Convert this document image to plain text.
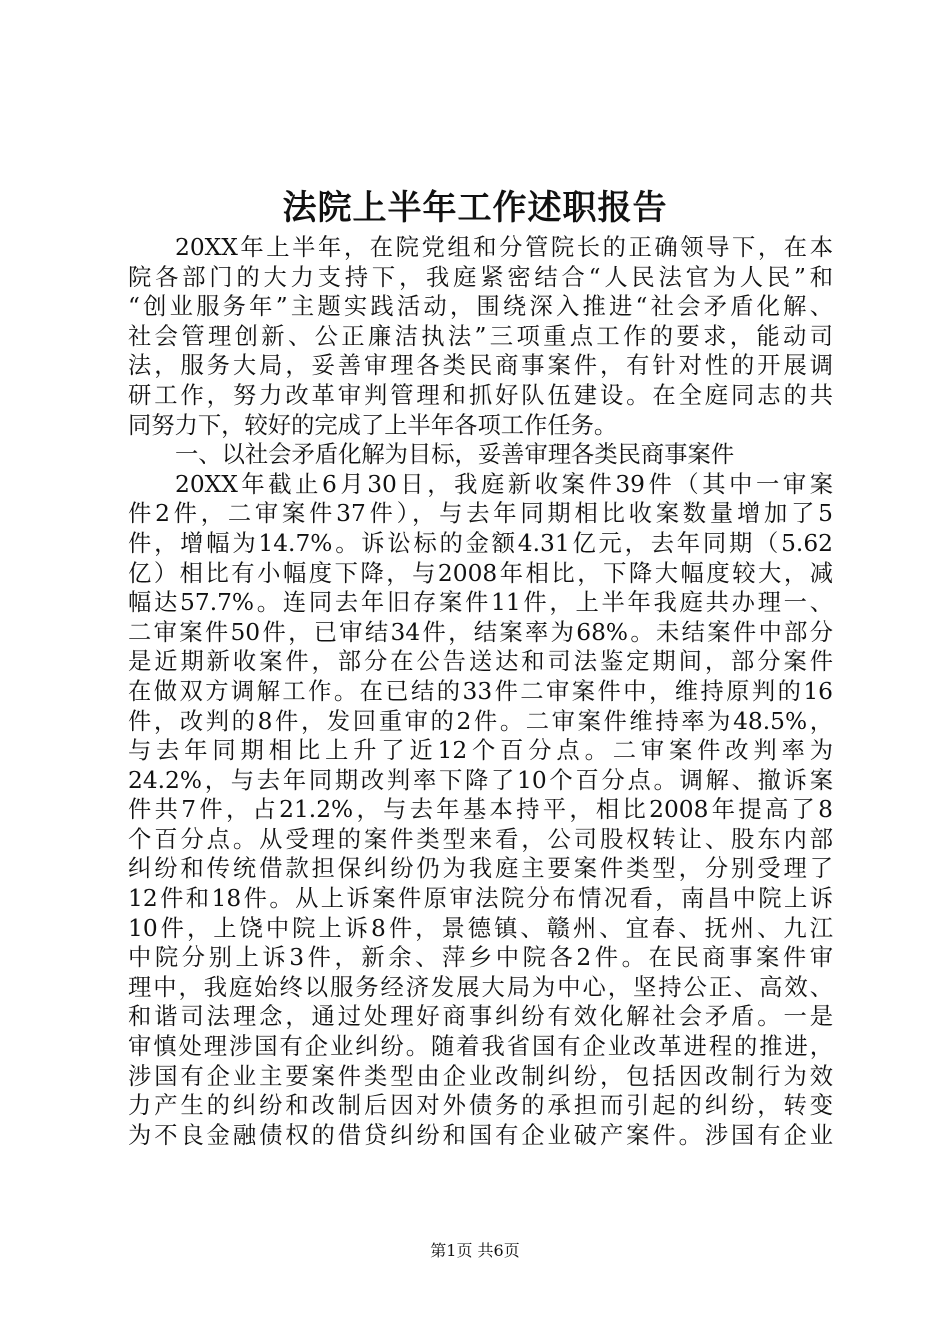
法院上半年工作述职报告

20XX年上半年，在院党组和分管院长的正确领导下，在本
院各部门的大力支持下，我庭紧密结合“人民法官为人民”和
“创业服务年”主题实践活动，围绕深入推进“社会矛盾化解、
社会管理创新、公正廉洁执法”三项重点工作的要求，能动司
法，服务大局，妥善审理各类民商事案件，有针对性的开展调
研工作，努力改革审判管理和抓好队伍建设。在全庭同志的共
同努力下，较好的完成了上半年各项工作任务。

一、以社会矛盾化解为目标，妥善审理各类民商事案件

20XX年截止6月30日，我庭新收案件39件（其中一审案
件2件，二审案件37件），与去年同期相比收案数量增加了5
件，增幅为14.7%。诉讼标的金额4.31亿元，去年同期（5.62
亿）相比有小幅度下降，与2008年相比，下降大幅度较大，减
幅达57.7%。连同去年旧存案件11件，上半年我庭共办理一、
二审案件50件，已审结34件，结案率为68%。未结案件中部分
是近期新收案件，部分在公告送达和司法鉴定期间，部分案件
在做双方调解工作。在已结的33件二审案件中，维持原判的16
件，改判的8件，发回重审的2件。二审案件维持率为48.5%，
与去年同期相比上升了近12个百分点。二审案件改判率为
24.2%，与去年同期改判率下降了10个百分点。调解、撤诉案
件共7件，占21.2%，与去年基本持平，相比2008年提高了8
个百分点。从受理的案件类型来看，公司股权转让、股东内部
纠纷和传统借款担保纠纷仍为我庭主要案件类型，分别受理了
12件和18件。从上诉案件原审法院分布情况看，南昌中院上诉
10件，上饶中院上诉8件，景德镇、赣州、宜春、抚州、九江
中院分别上诉3件，新余、萍乡中院各2件。在民商事案件审
理中，我庭始终以服务经济发展大局为中心，坚持公正、高效、
和谐司法理念，通过处理好商事纠纷有效化解社会矛盾。一是
审慎处理涉国有企业纠纷。随着我省国有企业改革进程的推进，
涉国有企业主要案件类型由企业改制纠纷，包括因改制行为效
力产生的纠纷和改制后因对外债务的承担而引起的纠纷，转变
为不良金融债权的借贷纠纷和国有企业破产案件。涉国有企业

第1页 共6页
